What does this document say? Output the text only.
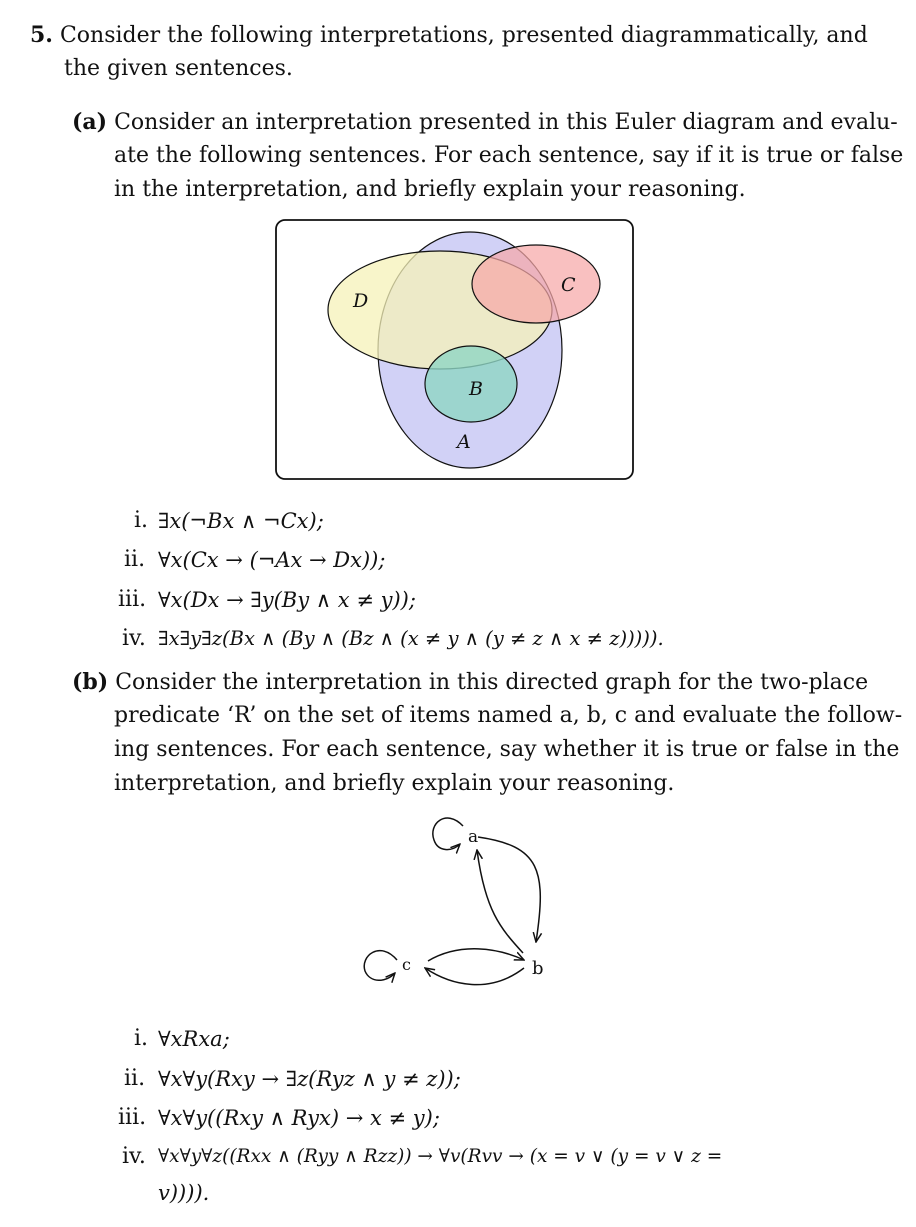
5. Consider the following interpretations, presented diagrammatically, and
the given sentences.
(a) Consider an interpretation presented in this Euler diagram and evalu-
ate the following sentences. For each sentence, say if it is true or false
in the interpretation, and briefly explain your reasoning.
D
C
B
A
i. ∃x(¬Bx ∧ ¬Cx);
ii. ∀x(Cx → (¬Ax → Dx));
iii. ∀x(Dx → ∃y(By ∧ x ≠ y));
iv. ∃x∃y∃z(Bx ∧ (By ∧ (Bz ∧ (x ≠ y ∧ (y ≠ z ∧ x ≠ z))))).
(b) Consider the interpretation in this directed graph for the two-place
predicate ‘R’ on the set of items named a, b, c and evaluate the follow-
ing sentences. For each sentence, say whether it is true or false in the
interpretation, and briefly explain your reasoning.
a
b
c
i. ∀xRxa;
ii. ∀x∀y(Rxy → ∃z(Ryz ∧ y ≠ z));
iii. ∀x∀y((Rxy ∧ Ryx) → x ≠ y);
iv. ∀x∀y∀z((Rxx ∧ (Ryy ∧ Rzz)) → ∀v(Rvv → (x = v ∨ (y = v ∨ z =
v)))).
